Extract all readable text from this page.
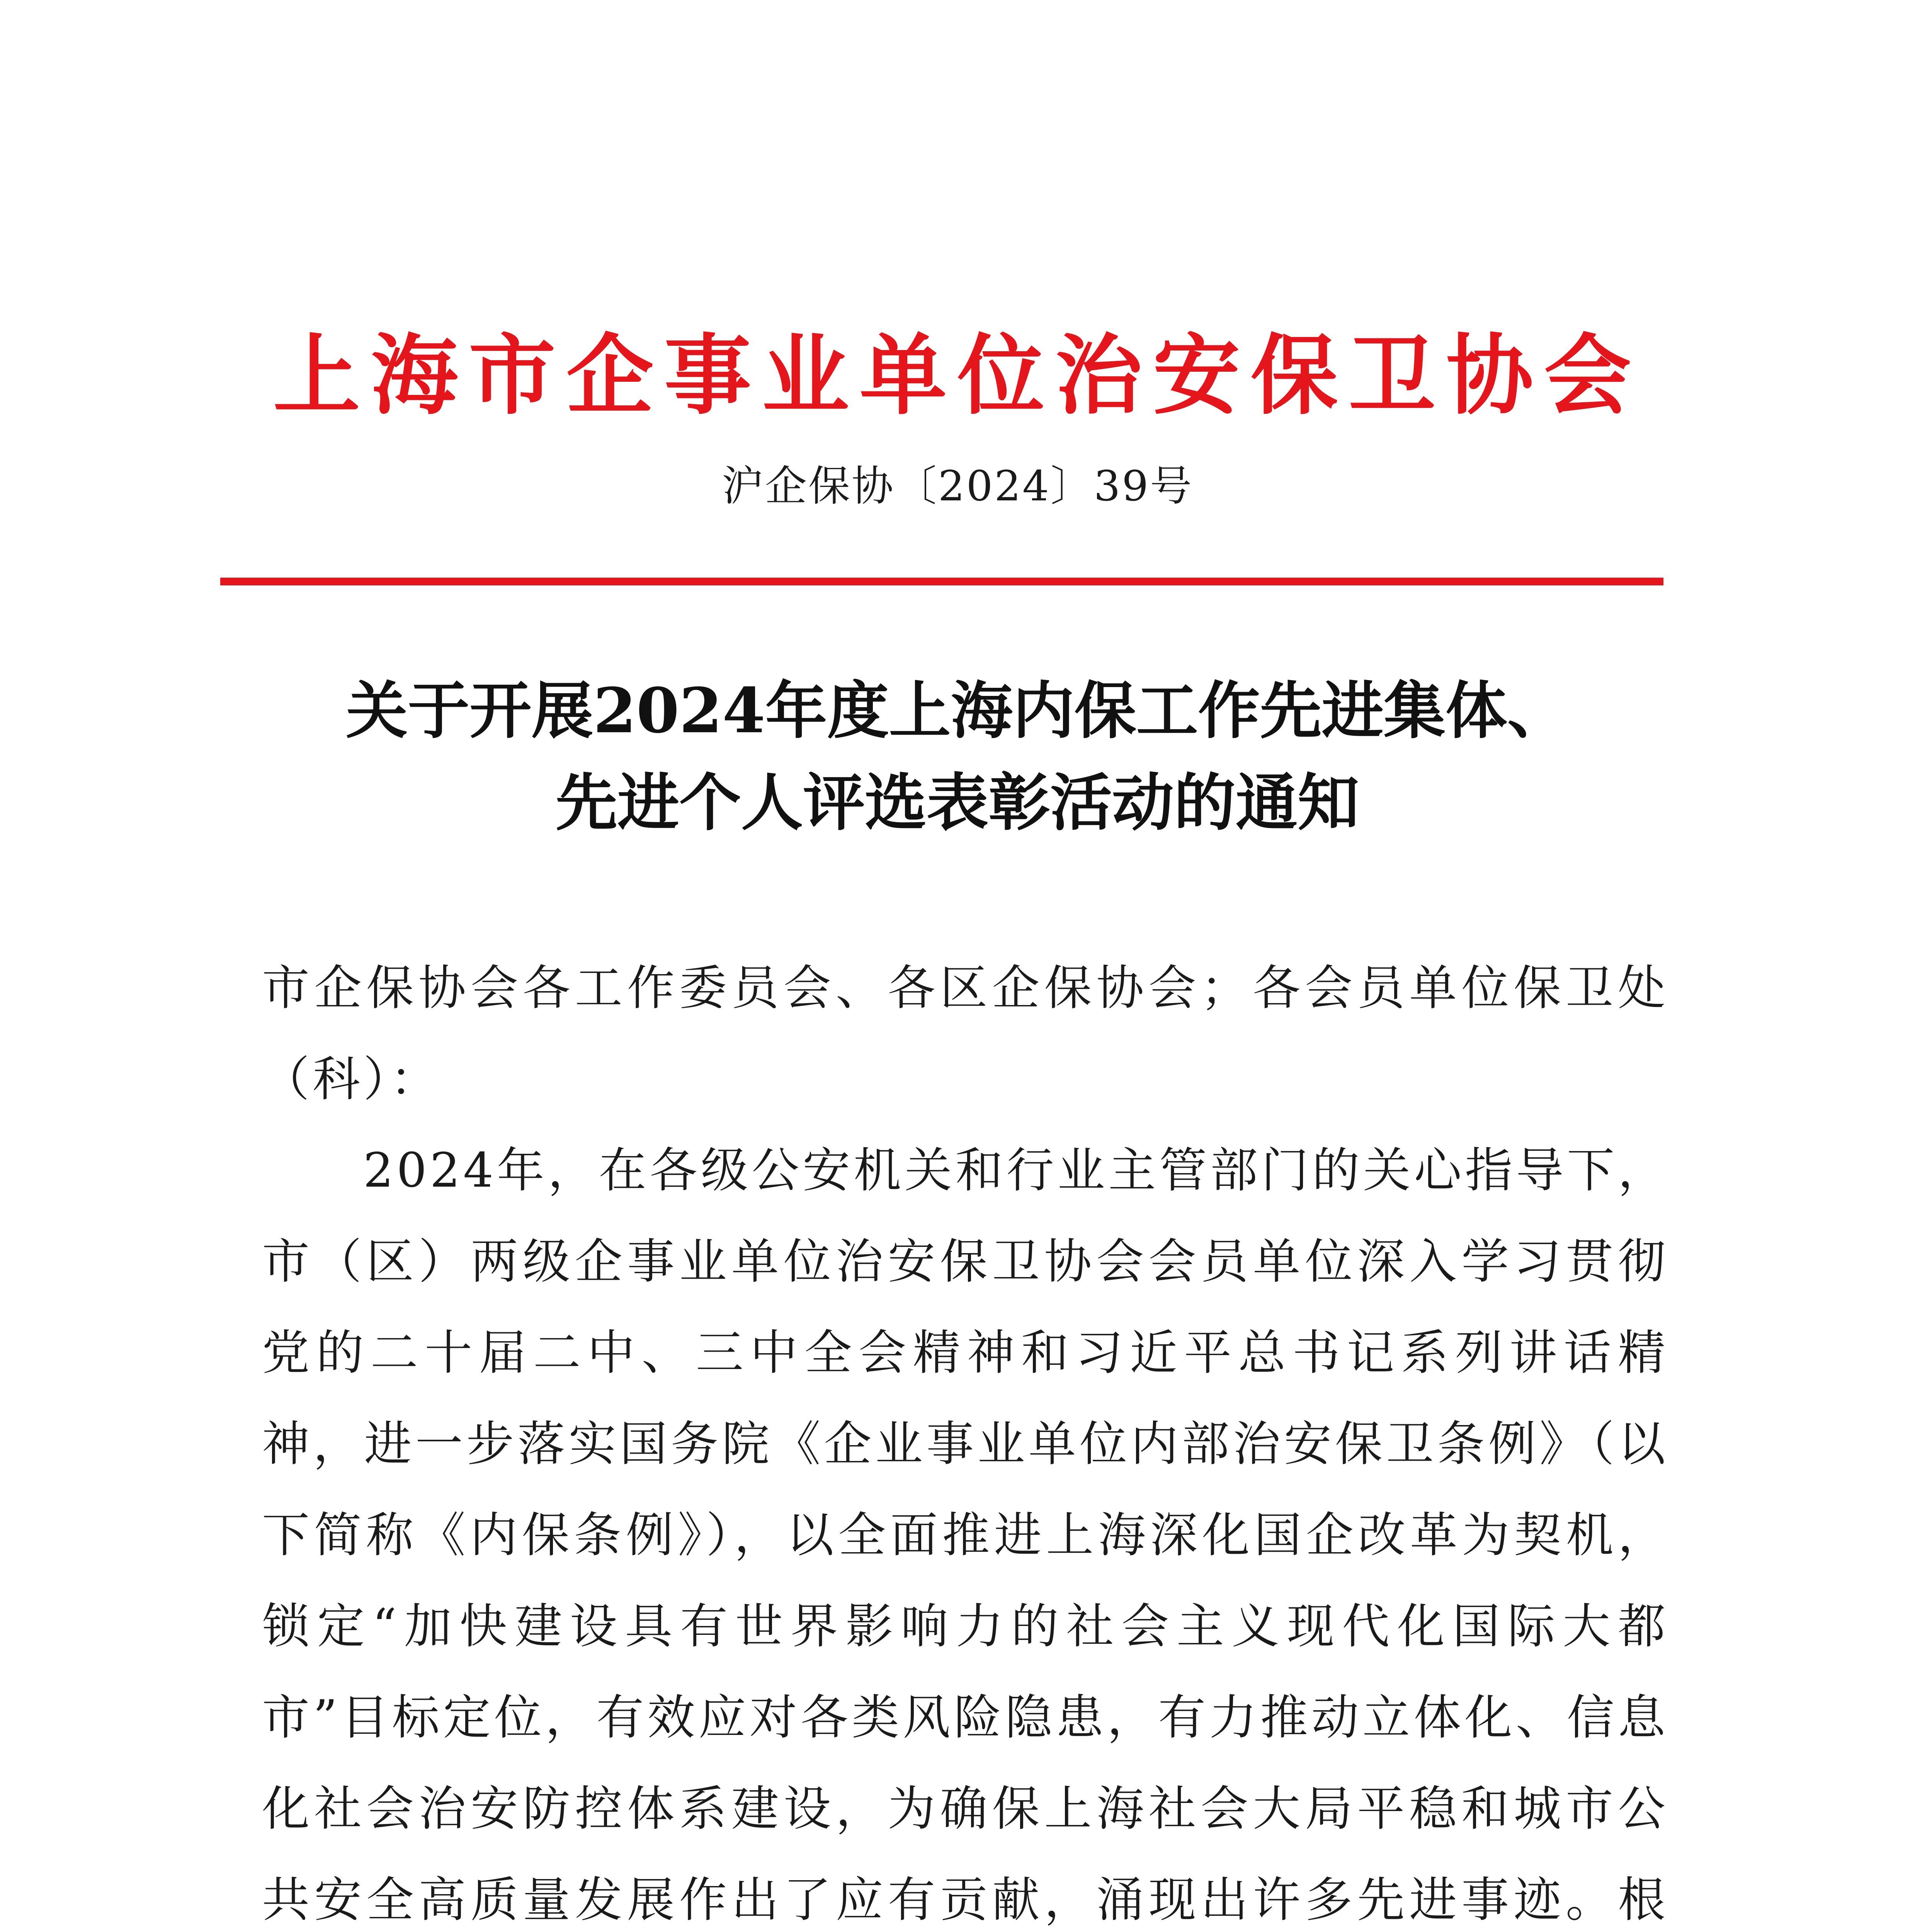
上海市企事业单位治安保卫协会
沪企保协〔2024〕39号
关于开展2024年度上海内保工作先进集体、
先进个人评选表彰活动的通知

市企保协会各工作委员会、各区企保协会；各会员单位保卫处（科）：

2024年，在各级公安机关和行业主管部门的关心指导下，市（区）两级企事业单位治安保卫协会会员单位深入学习贯彻党的二十届二中、三中全会精神和习近平总书记系列讲话精神，进一步落实国务院《企业事业单位内部治安保卫条例》（以下简称《内保条例》），以全面推进上海深化国企改革为契机，锁定“加快建设具有世界影响力的社会主义现代化国际大都市”目标定位，有效应对各类风险隐患，有力推动立体化、信息化社会治安防控体系建设，为确保上海社会大局平稳和城市公共安全高质量发展作出了应有贡献，涌现出许多先进事迹。根
